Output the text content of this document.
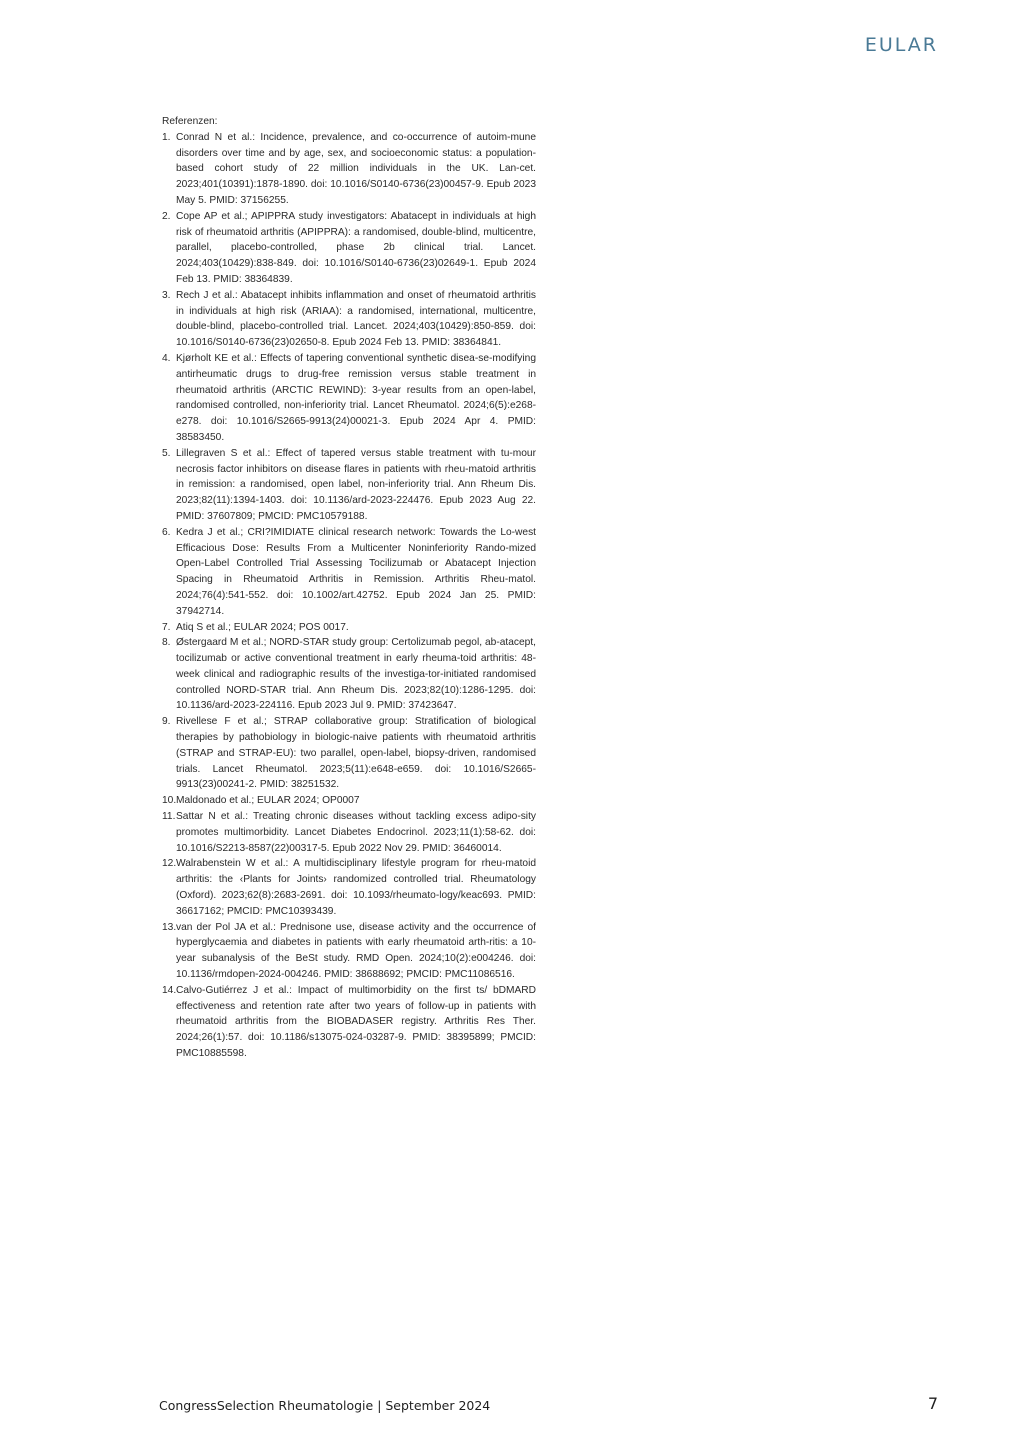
EULAR

Referenzen:

1. Conrad N et al.: Incidence, prevalence, and co-occurrence of autoim-mune disorders over time and by age, sex, and socioeconomic status: a population-based cohort study of 22 million individuals in the UK. Lan-cet. 2023;401(10391):1878-1890. doi: 10.1016/S0140-6736(23)00457-9. Epub 2023 May 5. PMID: 37156255.
2. Cope AP et al.; APIPPRA study investigators: Abatacept in individuals at high risk of rheumatoid arthritis (APIPPRA): a randomised, double-blind, multicentre, parallel, placebo-controlled, phase 2b clinical trial. Lancet. 2024;403(10429):838-849. doi: 10.1016/S0140-6736(23)02649-1. Epub 2024 Feb 13. PMID: 38364839.
3. Rech J et al.: Abatacept inhibits inflammation and onset of rheumatoid arthritis in individuals at high risk (ARIAA): a randomised, international, multicentre, double-blind, placebo-controlled trial. Lancet. 2024;403(10429):850-859. doi: 10.1016/S0140-6736(23)02650-8. Epub 2024 Feb 13. PMID: 38364841.
4. Kjørholt KE et al.: Effects of tapering conventional synthetic disea-se-modifying antirheumatic drugs to drug-free remission versus stable treatment in rheumatoid arthritis (ARCTIC REWIND): 3-year results from an open-label, randomised controlled, non-inferiority trial. Lancet Rheumatol. 2024;6(5):e268-e278. doi: 10.1016/S2665-9913(24)00021-3. Epub 2024 Apr 4. PMID: 38583450.
5. Lillegraven S et al.: Effect of tapered versus stable treatment with tu-mour necrosis factor inhibitors on disease flares in patients with rheu-matoid arthritis in remission: a randomised, open label, non-inferiority trial. Ann Rheum Dis. 2023;82(11):1394-1403. doi: 10.1136/ard-2023-224476. Epub 2023 Aug 22. PMID: 37607809; PMCID: PMC10579188.
6. Kedra J et al.; CRI?IMIDIATE clinical research network: Towards the Lo-west Efficacious Dose: Results From a Multicenter Noninferiority Rando-mized Open-Label Controlled Trial Assessing Tocilizumab or Abatacept Injection Spacing in Rheumatoid Arthritis in Remission. Arthritis Rheu-matol. 2024;76(4):541-552. doi: 10.1002/art.42752. Epub 2024 Jan 25. PMID: 37942714.
7. Atiq S et al.; EULAR 2024; POS 0017.
8. Østergaard M et al.; NORD-STAR study group: Certolizumab pegol, ab-atacept, tocilizumab or active conventional treatment in early rheuma-toid arthritis: 48-week clinical and radiographic results of the investiga-tor-initiated randomised controlled NORD-STAR trial. Ann Rheum Dis. 2023;82(10):1286-1295. doi: 10.1136/ard-2023-224116. Epub 2023 Jul 9. PMID: 37423647.
9. Rivellese F et al.; STRAP collaborative group: Stratification of biological therapies by pathobiology in biologic-naive patients with rheumatoid arthritis (STRAP and STRAP-EU): two parallel, open-label, biopsy-driven, randomised trials. Lancet Rheumatol. 2023;5(11):e648-e659. doi: 10.1016/S2665-9913(23)00241-2. PMID: 38251532.
10. Maldonado et al.; EULAR 2024; OP0007
11. Sattar N et al.: Treating chronic diseases without tackling excess adipo-sity promotes multimorbidity. Lancet Diabetes Endocrinol. 2023;11(1):58-62. doi: 10.1016/S2213-8587(22)00317-5. Epub 2022 Nov 29. PMID: 36460014.
12. Walrabenstein W et al.: A multidisciplinary lifestyle program for rheu-matoid arthritis: the ‹Plants for Joints› randomized controlled trial. Rheumatology (Oxford). 2023;62(8):2683-2691. doi: 10.1093/rheumato-logy/keac693. PMID: 36617162; PMCID: PMC10393439.
13. van der Pol JA et al.: Prednisone use, disease activity and the occurrence of hyperglycaemia and diabetes in patients with early rheumatoid arth-ritis: a 10-year subanalysis of the BeSt study. RMD Open. 2024;10(2):e004246. doi: 10.1136/rmdopen-2024-004246. PMID: 38688692; PMCID: PMC11086516.
14. Calvo-Gutiérrez J et al.: Impact of multimorbidity on the first ts/ bDMARD effectiveness and retention rate after two years of follow-up in patients with rheumatoid arthritis from the BIOBADASER registry. Arthritis Res Ther. 2024;26(1):57. doi: 10.1186/s13075-024-03287-9. PMID: 38395899; PMCID: PMC10885598.
CongressSelection Rheumatologie | September 2024	7
